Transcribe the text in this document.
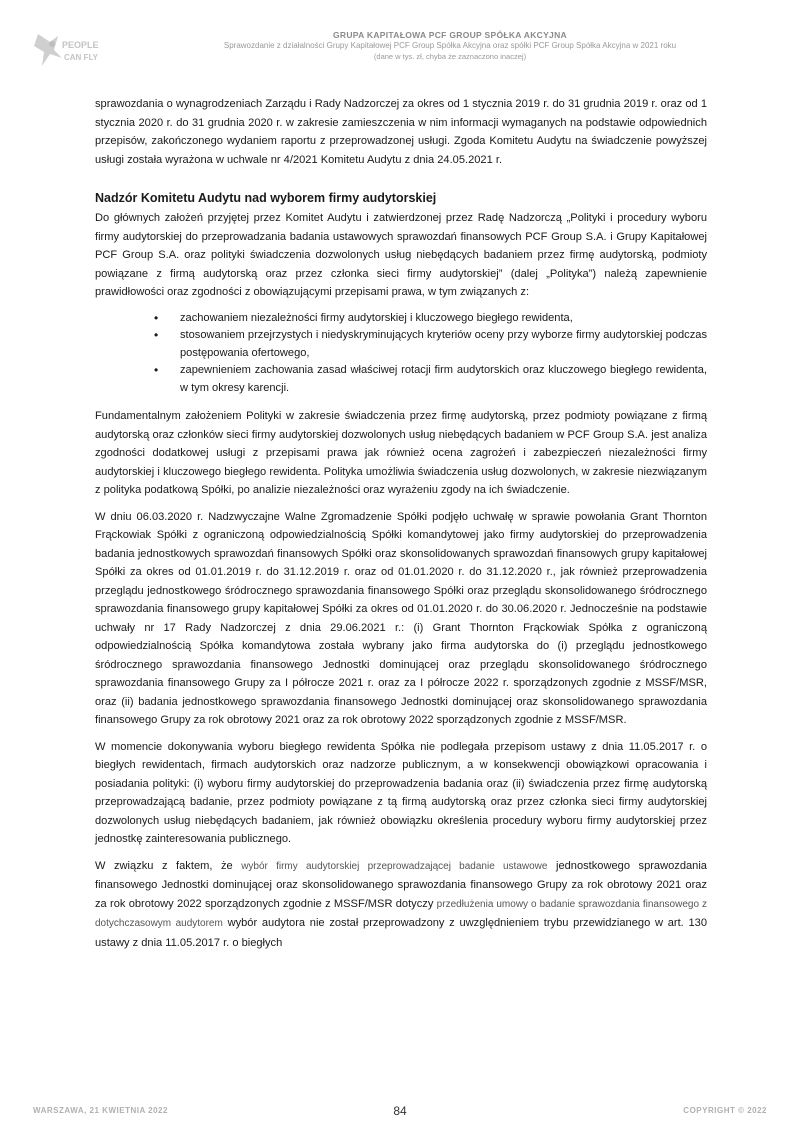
PEOPLE
CAN FLY
GRUPA KAPITAŁOWA PCF GROUP SPÓŁKA AKCYJNA
Sprawozdanie z działalności Grupy Kapitałowej PCF Group Spółka Akcyjna oraz spółki PCF Group Spółka Akcyjna w 2021 roku
(dane w tys. zł, chyba że zaznaczono inaczej)

sprawozdania o wynagrodzeniach Zarządu i Rady Nadzorczej za okres od 1 stycznia 2019 r. do 31 grudnia 2019 r. oraz od 1 stycznia 2020 r. do 31 grudnia 2020 r. w zakresie zamieszczenia w nim informacji wymaganych na podstawie odpowiednich przepisów, zakończonego wydaniem raportu z przeprowadzonej usługi. Zgoda Komitetu Audytu na świadczenie powyższej usługi została wyrażona w uchwale nr 4/2021 Komitetu Audytu z dnia 24.05.2021 r.

Nadzór Komitetu Audytu nad wyborem firmy audytorskiej

Do głównych założeń przyjętej przez Komitet Audytu i zatwierdzonej przez Radę Nadzorczą „Polityki i procedury wyboru firmy audytorskiej do przeprowadzania badania ustawowych sprawozdań finansowych PCF Group S.A. i Grupy Kapitałowej PCF Group S.A. oraz polityki świadczenia dozwolonych usług niebędących badaniem przez firmę audytorską, podmioty powiązane z firmą audytorską oraz przez członka sieci firmy audytorskiej” (dalej „Polityka”) należą zapewnienie prawidłowości oraz zgodności z obowiązującymi przepisami prawa, w tym związanych z:

• zachowaniem niezależności firmy audytorskiej i kluczowego biegłego rewidenta,
• stosowaniem przejrzystych i niedyskryminujących kryteriów oceny przy wyborze firmy audytorskiej podczas postępowania ofertowego,
• zapewnieniem zachowania zasad właściwej rotacji firm audytorskich oraz kluczowego biegłego rewidenta, w tym okresy karencji.

Fundamentalnym założeniem Polityki w zakresie świadczenia przez firmę audytorską, przez podmioty powiązane z firmą audytorską oraz członków sieci firmy audytorskiej dozwolonych usług niebędących badaniem w PCF Group S.A. jest analiza zgodności dodatkowej usługi z przepisami prawa jak również ocena zagrożeń i zabezpieczeń niezależności firmy audytorskiej i kluczowego biegłego rewidenta. Polityka umożliwia świadczenia usług dozwolonych, w zakresie niezwiązanym z polityka podatkową Spółki, po analizie niezależności oraz wyrażeniu zgody na ich świadczenie.

W dniu 06.03.2020 r. Nadzwyczajne Walne Zgromadzenie Spółki podjęło uchwałę w sprawie powołania Grant Thornton Frąckowiak Spółki z ograniczoną odpowiedzialnością Spółki komandytowej jako firmy audytorskiej do przeprowadzenia badania jednostkowych sprawozdań finansowych Spółki oraz skonsolidowanych sprawozdań finansowych grupy kapitałowej Spółki za okres od 01.01.2019 r. do 31.12.2019 r. oraz od 01.01.2020 r. do 31.12.2020 r., jak również przeprowadzenia przeglądu jednostkowego śródrocznego sprawozdania finansowego Spółki oraz przeglądu skonsolidowanego śródrocznego sprawozdania finansowego grupy kapitałowej Spółki za okres od 01.01.2020 r. do 30.06.2020 r. Jednocześnie na podstawie uchwały nr 17 Rady Nadzorczej z dnia 29.06.2021 r.: (i) Grant Thornton Frąckowiak Spółka z ograniczoną odpowiedzialnością Spółka komandytowa została wybrany jako firma audytorska do (i) przeglądu jednostkowego śródrocznego sprawozdania finansowego Jednostki dominującej oraz przeglądu skonsolidowanego śródrocznego sprawozdania finansowego Grupy za I półrocze 2021 r. oraz za I półrocze 2022 r. sporządzonych zgodnie z MSSF/MSR, oraz (ii) badania jednostkowego sprawozdania finansowego Jednostki dominującej oraz skonsolidowanego sprawozdania finansowego Grupy za rok obrotowy 2021 oraz za rok obrotowy 2022 sporządzonych zgodnie z MSSF/MSR.

W momencie dokonywania wyboru biegłego rewidenta Spółka nie podlegała przepisom ustawy z dnia 11.05.2017 r. o biegłych rewidentach, firmach audytorskich oraz nadzorze publicznym, a w konsekwencji obowiązkowi opracowania i posiadania polityki: (i) wyboru firmy audytorskiej do przeprowadzenia badania oraz (ii) świadczenia przez firmę audytorską przeprowadzającą badanie, przez podmioty powiązane z tą firmą audytorską oraz przez członka sieci firmy audytorskiej dozwolonych usług niebędących badaniem, jak również obowiązku określenia procedury wyboru firmy audytorskiej przez jednostkę zainteresowania publicznego.

W związku z faktem, że wybór firmy audytorskiej przeprowadzającej badanie ustawowe jednostkowego sprawozdania finansowego Jednostki dominującej oraz skonsolidowanego sprawozdania finansowego Grupy za rok obrotowy 2021 oraz za rok obrotowy 2022 sporządzonych zgodnie z MSSF/MSR dotyczy przedłużenia umowy o badanie sprawozdania finansowego z dotychczasowym audytorem wybór audytora nie został przeprowadzony z uwzględnieniem trybu przewidzianego w art. 130 ustawy z dnia 11.05.2017 r. o biegłych

WARSZAWA, 21 KWIETNIA 2022	84	COPYRIGHT © 2022
